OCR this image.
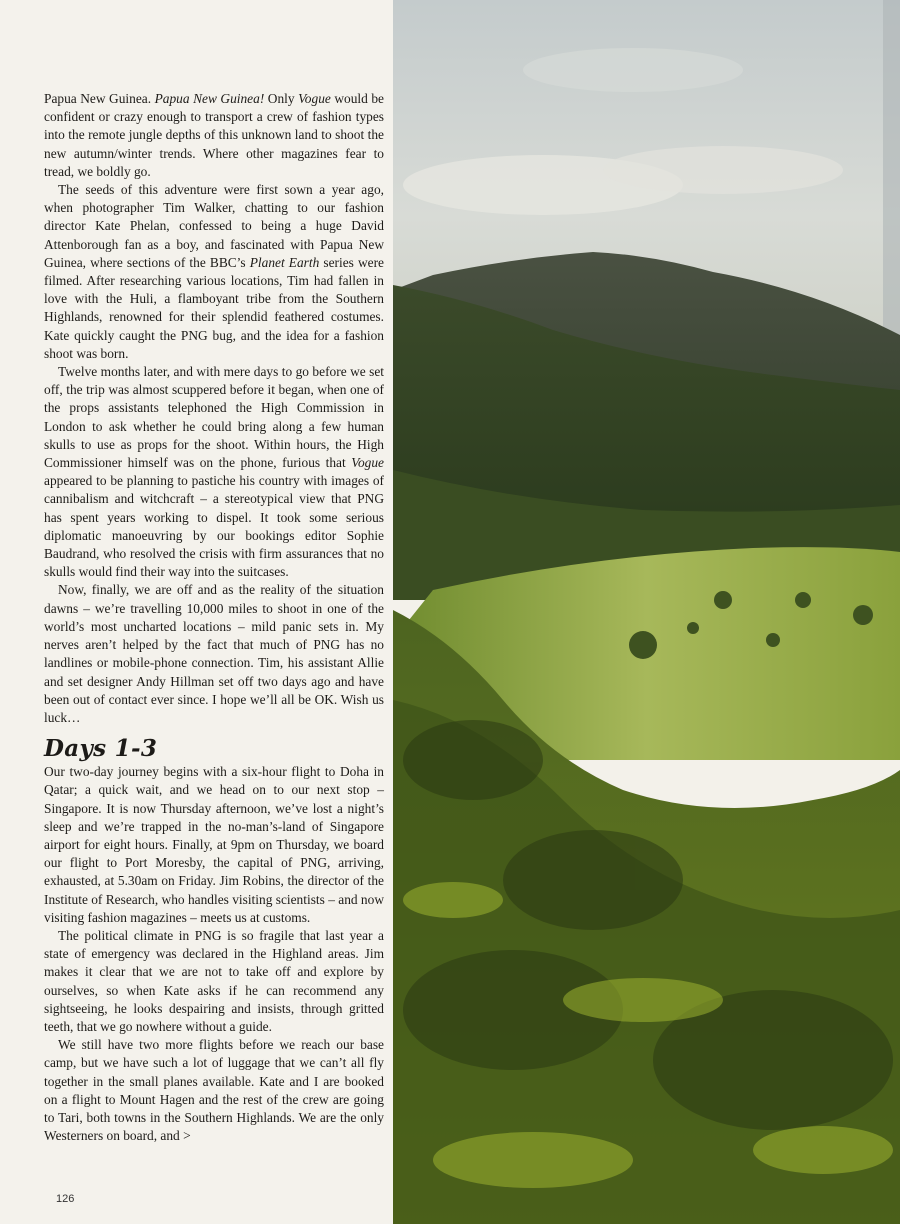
Papua New Guinea. Papua New Guinea! Only Vogue would be confident or crazy enough to transport a crew of fashion types into the remote jungle depths of this unknown land to shoot the new autumn/winter trends. Where other magazines fear to tread, we boldly go.

The seeds of this adventure were first sown a year ago, when photographer Tim Walker, chatting to our fashion director Kate Phelan, confessed to being a huge David Attenborough fan as a boy, and fascinated with Papua New Guinea, where sections of the BBC’s Planet Earth series were filmed. After researching various locations, Tim had fallen in love with the Huli, a flamboyant tribe from the Southern Highlands, renowned for their splendid feathered costumes. Kate quickly caught the PNG bug, and the idea for a fashion shoot was born.

Twelve months later, and with mere days to go before we set off, the trip was almost scuppered before it began, when one of the props assistants telephoned the High Commission in London to ask whether he could bring along a few human skulls to use as props for the shoot. Within hours, the High Commissioner himself was on the phone, furious that Vogue appeared to be planning to pastiche his country with images of cannibalism and witchcraft – a stereotypical view that PNG has spent years working to dispel. It took some serious diplomatic manoeuvring by our bookings editor Sophie Baudrand, who resolved the crisis with firm assurances that no skulls would find their way into the suitcases.

Now, finally, we are off and as the reality of the situation dawns – we’re travelling 10,000 miles to shoot in one of the world’s most uncharted locations – mild panic sets in. My nerves aren’t helped by the fact that much of PNG has no landlines or mobile-phone connection. Tim, his assistant Allie and set designer Andy Hillman set off two days ago and have been out of contact ever since. I hope we’ll all be OK. Wish us luck…

Days 1-3

Our two-day journey begins with a six-hour flight to Doha in Qatar; a quick wait, and we head on to our next stop – Singapore. It is now Thursday afternoon, we’ve lost a night’s sleep and we’re trapped in the no-man’s-land of Singapore airport for eight hours. Finally, at 9pm on Thursday, we board our flight to Port Moresby, the capital of PNG, arriving, exhausted, at 5.30am on Friday. Jim Robins, the director of the Institute of Research, who handles visiting scientists – and now visiting fashion magazines – meets us at customs.

The political climate in PNG is so fragile that last year a state of emergency was declared in the Highland areas. Jim makes it clear that we are not to take off and explore by ourselves, so when Kate asks if he can recommend any sightseeing, he looks despairing and insists, through gritted teeth, that we go nowhere without a guide.

We still have two more flights before we reach our base camp, but we have such a lot of luggage that we can’t all fly together in the small planes available. Kate and I are booked on a flight to Mount Hagen and the rest of the crew are going to Tari, both towns in the Southern Highlands. We are the only Westerners on board, and >

126
